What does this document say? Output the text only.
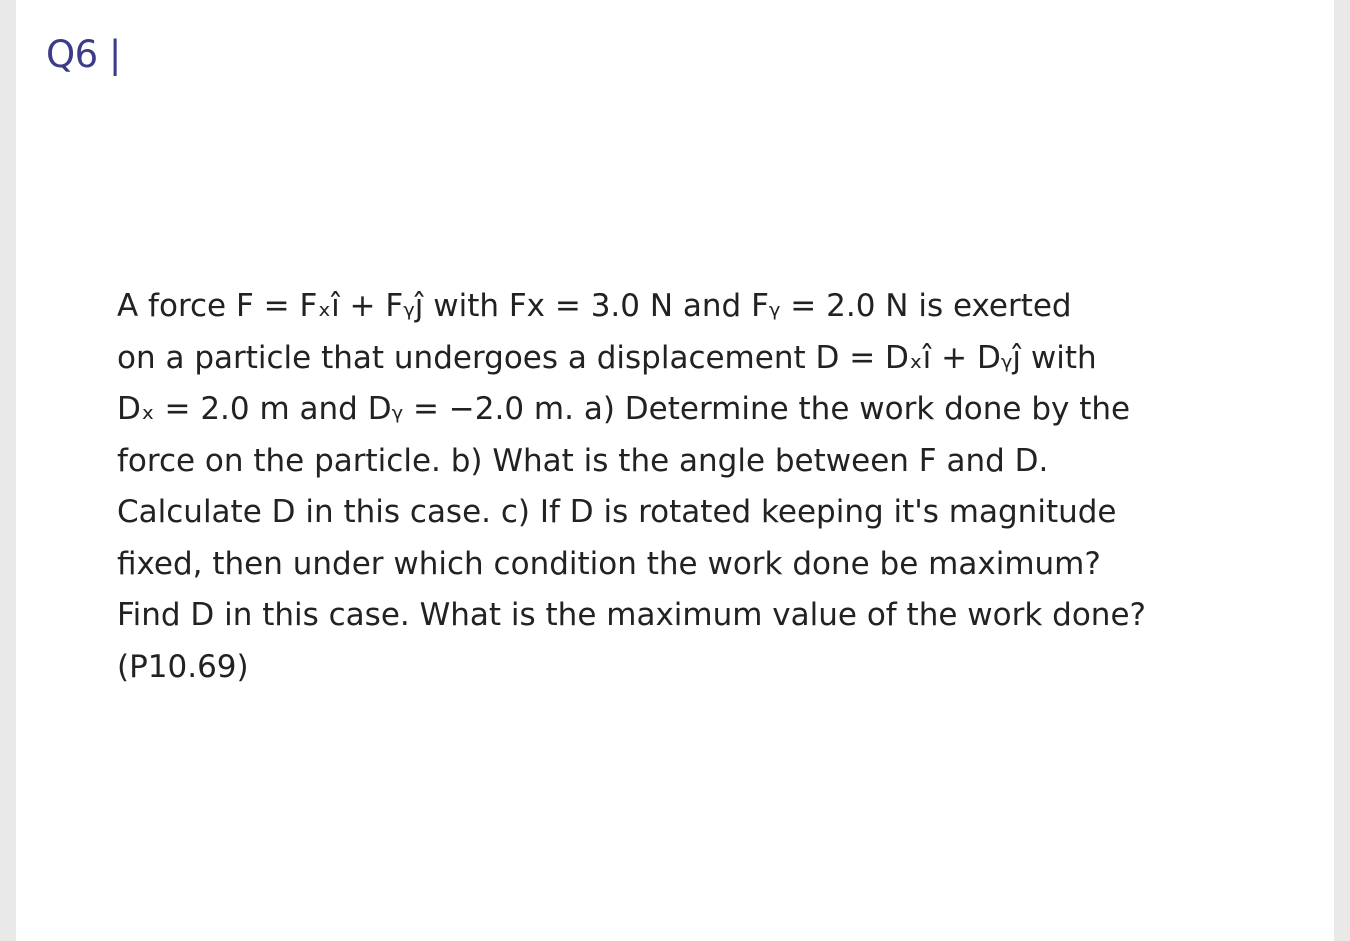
Q6 |
A force F = Fₓî + Fᵧĵ with Fx = 3.0 N and Fᵧ = 2.0 N is exerted
on a particle that undergoes a displacement D = Dₓî + Dᵧĵ with
Dₓ = 2.0 m and Dᵧ = −2.0 m. a) Determine the work done by the
force on the particle. b) What is the angle between F and D.
Calculate D in this case. c) If D is rotated keeping it's magnitude
fixed, then under which condition the work done be maximum?
Find D in this case. What is the maximum value of the work done?
(P10.69)
